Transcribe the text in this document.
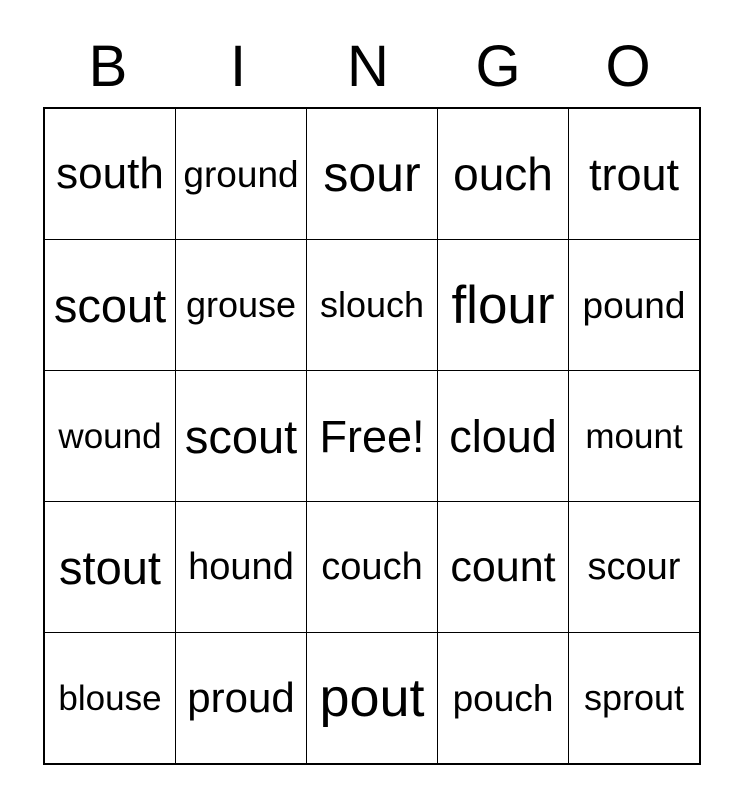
B	I	N	G	O
south	ground	sour	ouch	trout
scout	grouse	slouch	flour	pound
wound	scout	Free!	cloud	mount
stout	hound	couch	count	scour
blouse	proud	pout	pouch	sprout
